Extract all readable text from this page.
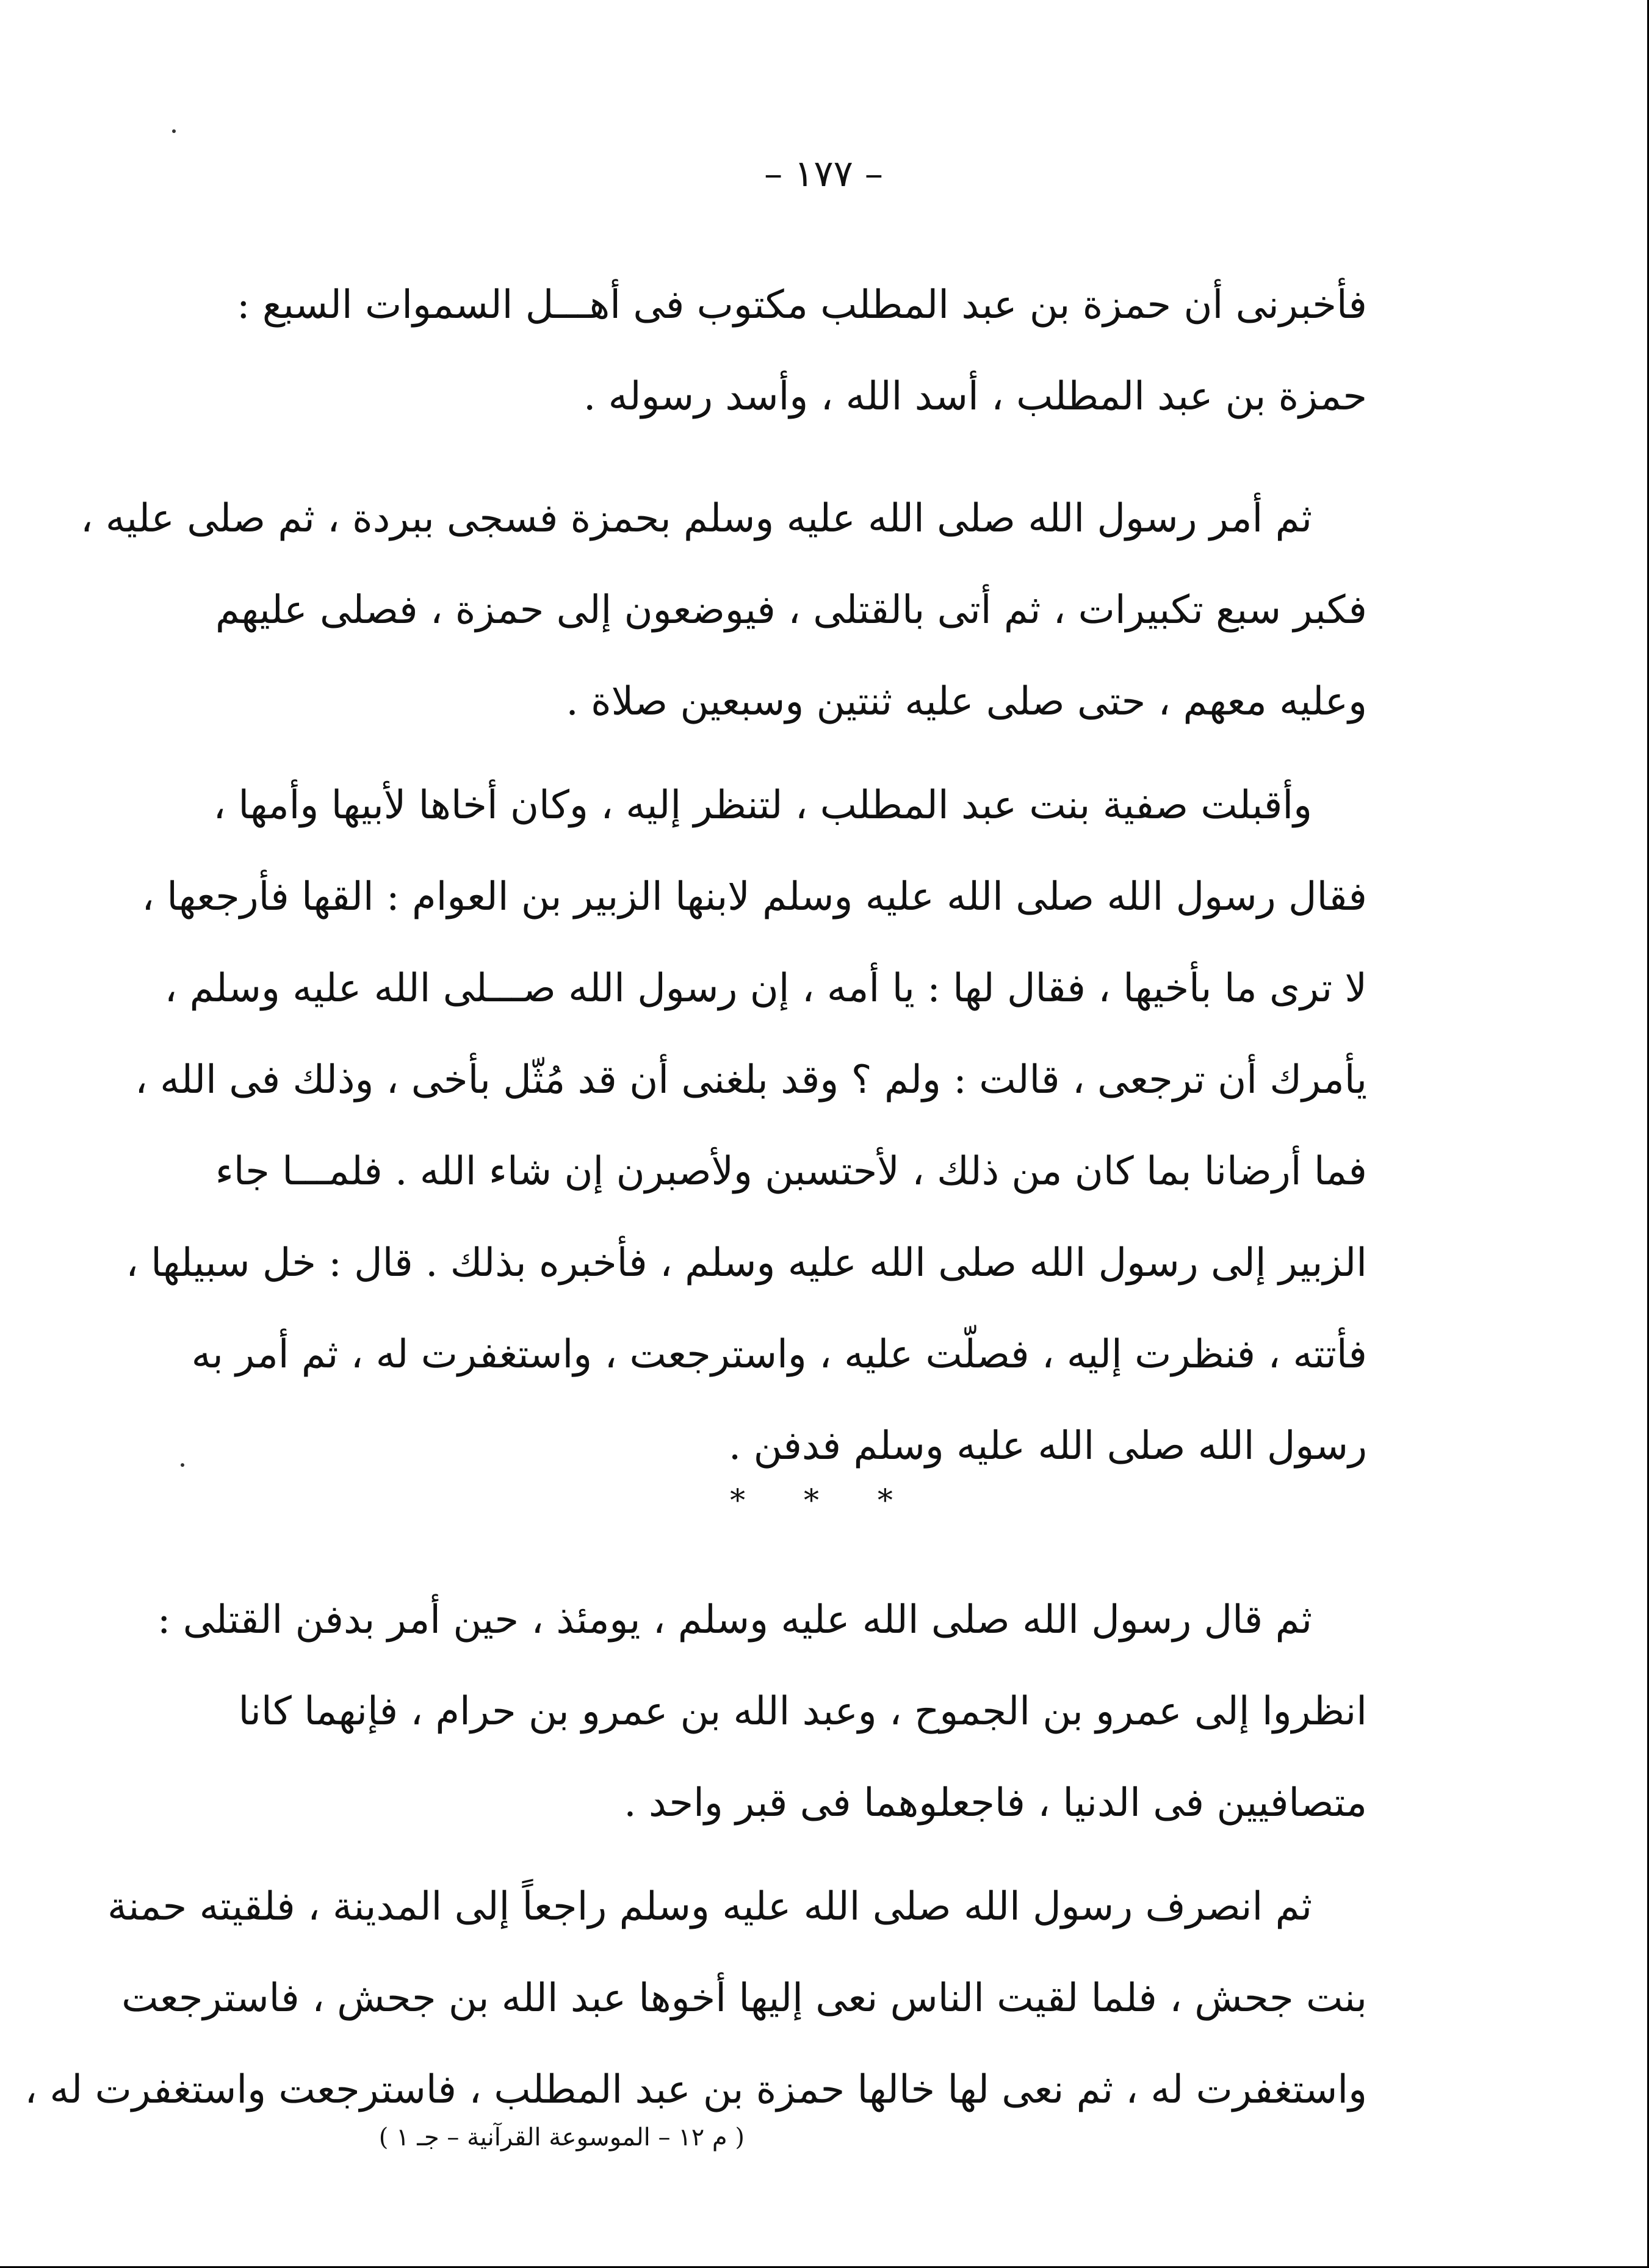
– ١٧٧ –
فأخبرنى أن حمزة بن عبد المطلب مكتوب فى أهـــل السموات السبع :
حمزة بن عبد المطلب ، أسد الله ، وأسد رسوله .
ثم أمر رسول الله صلى الله عليه وسلم بحمزة فسجى ببردة ، ثم صلى عليه ،
فكبر سبع تكبيرات ، ثم أتى بالقتلى ، فيوضعون إلى حمزة ، فصلى عليهم
وعليه معهم ، حتى صلى عليه ثنتين وسبعين صلاة .
وأقبلت صفية بنت عبد المطلب ، لتنظر إليه ، وكان أخاها لأبيها وأمها ،
فقال رسول الله صلى الله عليه وسلم لابنها الزبير بن العوام : القها فأرجعها ،
لا ترى ما بأخيها ، فقال لها : يا أمه ، إن رسول الله صـــلى الله عليه وسلم ،
يأمرك أن ترجعى ، قالت : ولم ؟ وقد بلغنى أن قد مُثّل بأخى ، وذلك فى الله ،
فما أرضانا بما كان من ذلك ، لأحتسبن ولأصبرن إن شاء الله . فلمـــا جاء
الزبير إلى رسول الله صلى الله عليه وسلم ، فأخبره بذلك . قال : خل سبيلها ،
فأتته ، فنظرت إليه ، فصلّت عليه ، واسترجعت ، واستغفرت له ، ثم أمر به
رسول الله صلى الله عليه وسلم فدفن .
* * *
ثم قال رسول الله صلى الله عليه وسلم ، يومئذ ، حين أمر بدفن القتلى :
انظروا إلى عمرو بن الجموح ، وعبد الله بن عمرو بن حرام ، فإنهما كانا
متصافيين فى الدنيا ، فاجعلوهما فى قبر واحد .
ثم انصرف رسول الله صلى الله عليه وسلم راجعاً إلى المدينة ، فلقيته حمنة
بنت جحش ، فلما لقيت الناس نعى إليها أخوها عبد الله بن جحش ، فاسترجعت
واستغفرت له ، ثم نعى لها خالها حمزة بن عبد المطلب ، فاسترجعت واستغفرت له ،
( م ١٢ – الموسوعة القرآنية – جـ ١ )
